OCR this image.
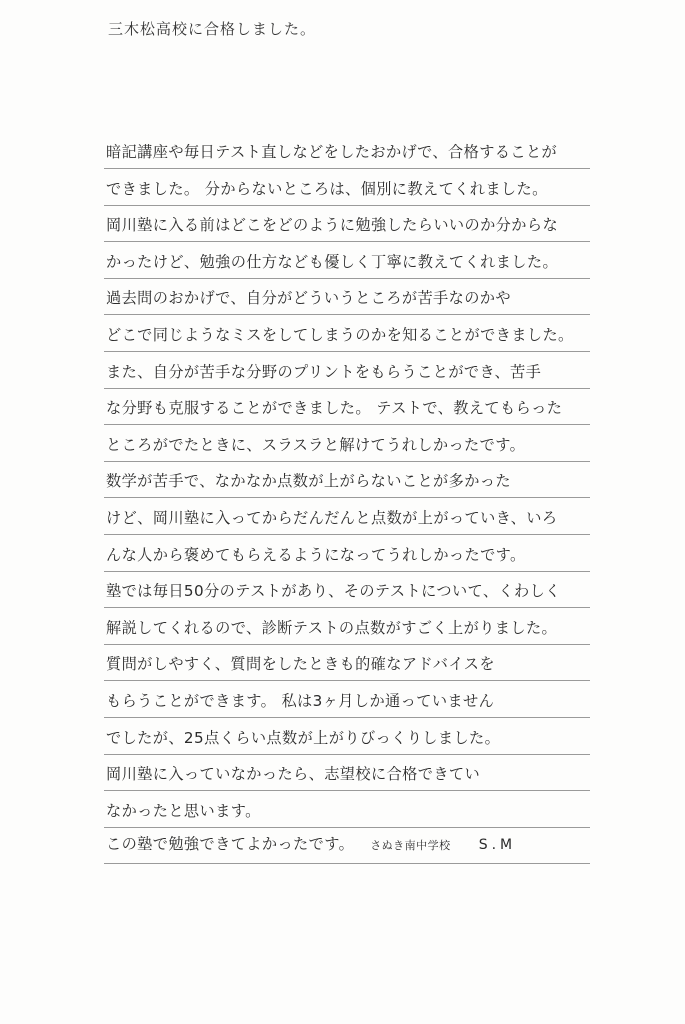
三木松高校に合格しました。
暗記講座や毎日テスト直しなどをしたおかげで、合格することが
できました。 分からないところは、個別に教えてくれました。
岡川塾に入る前はどこをどのように勉強したらいいのか分からな
かったけど、勉強の仕方なども優しく丁寧に教えてくれました。
過去問のおかげで、自分がどういうところが苦手なのかや
どこで同じようなミスをしてしまうのかを知ることができました。
また、自分が苦手な分野のプリントをもらうことができ、苦手
な分野も克服することができました。 テストで、教えてもらった
ところがでたときに、スラスラと解けてうれしかったです。
数学が苦手で、なかなか点数が上がらないことが多かった
けど、岡川塾に入ってからだんだんと点数が上がっていき、いろ
んな人から褒めてもらえるようになってうれしかったです。
塾では毎日50分のテストがあり、そのテストについて、くわしく
解説してくれるので、診断テストの点数がすごく上がりました。
質問がしやすく、質問をしたときも的確なアドバイスを
もらうことができます。 私は3ヶ月しか通っていません
でしたが、25点くらい点数が上がりびっくりしました。
岡川塾に入っていなかったら、志望校に合格できてい
なかったと思います。
この塾で勉強できてよかったです。 さぬき南中学校 S.M
